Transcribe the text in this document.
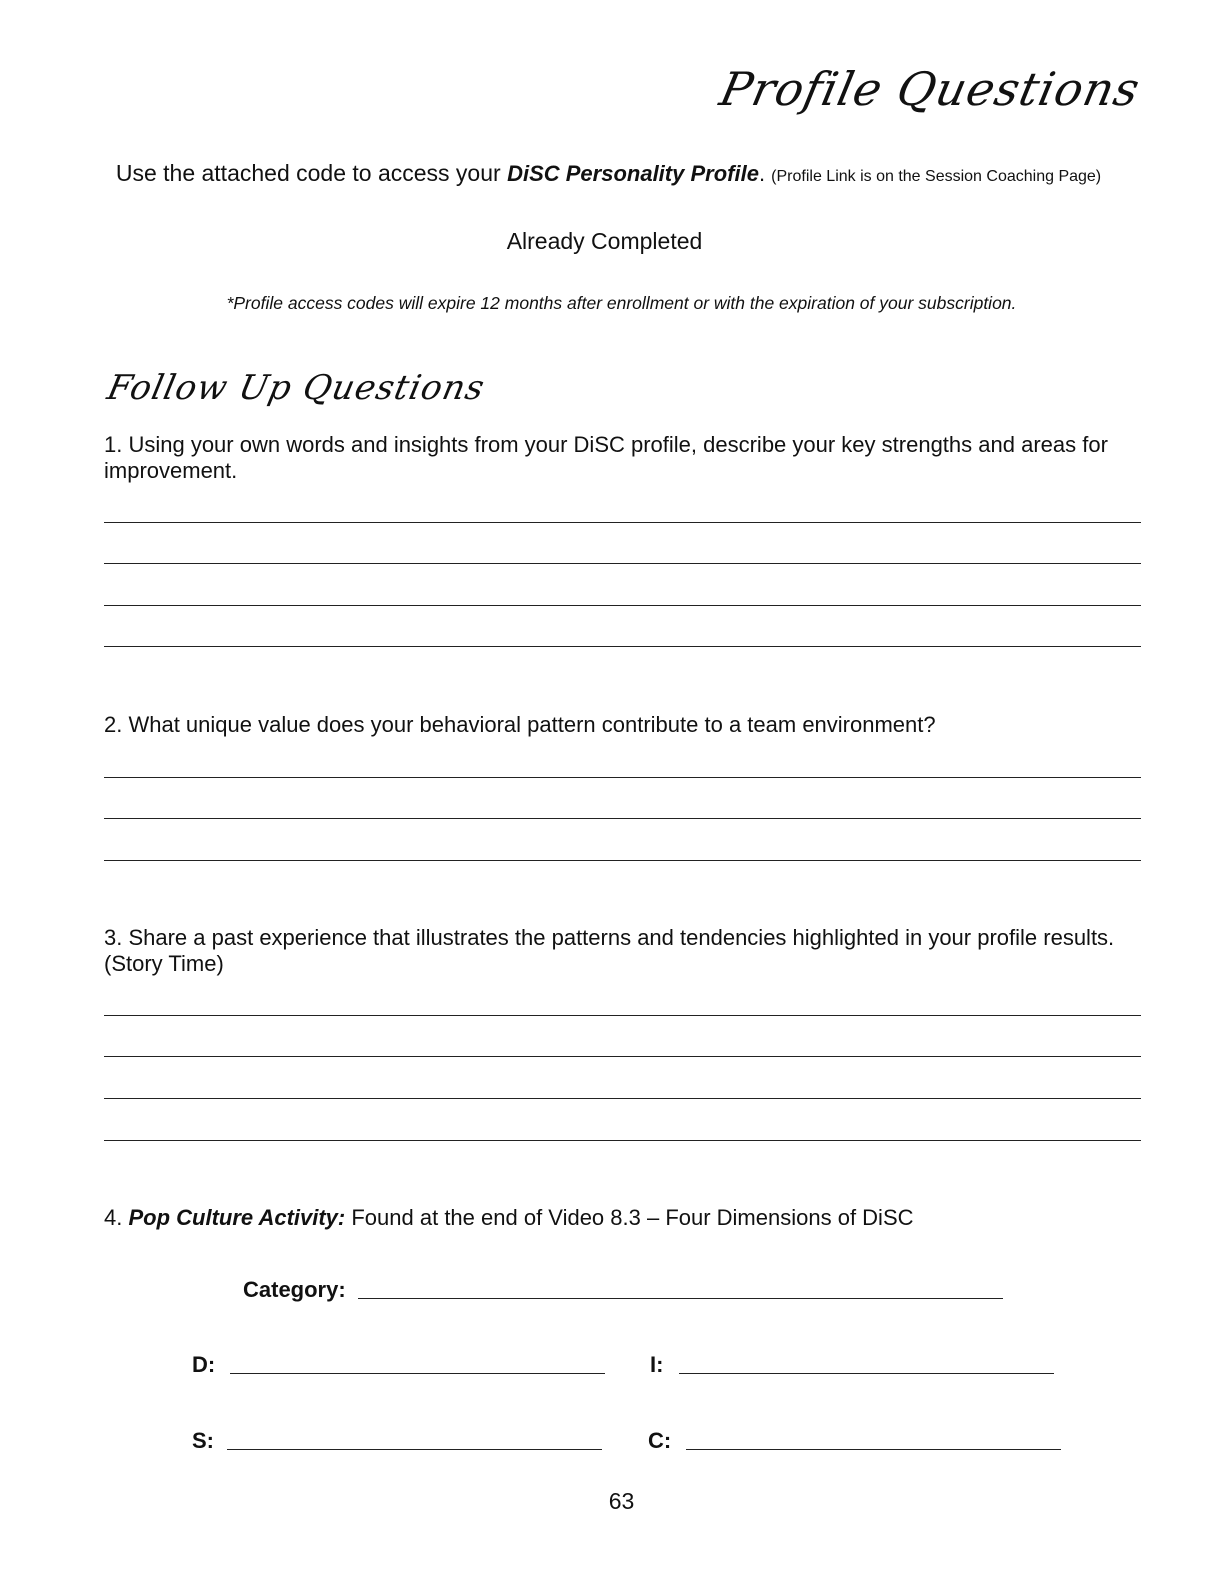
Profile Questions
Use the attached code to access your DiSC Personality Profile. (Profile Link is on the Session Coaching Page)
Already Completed
*Profile access codes will expire 12 months after enrollment or with the expiration of your subscription.
Follow Up Questions
1. Using your own words and insights from your DiSC profile, describe your key strengths and areas for improvement.
2. What unique value does your behavioral pattern contribute to a team environment?
3. Share a past experience that illustrates the patterns and tendencies highlighted in your profile results. (Story Time)
4. Pop Culture Activity: Found at the end of Video 8.3 – Four Dimensions of DiSC
Category:
D:	I:
S:	C:
63
